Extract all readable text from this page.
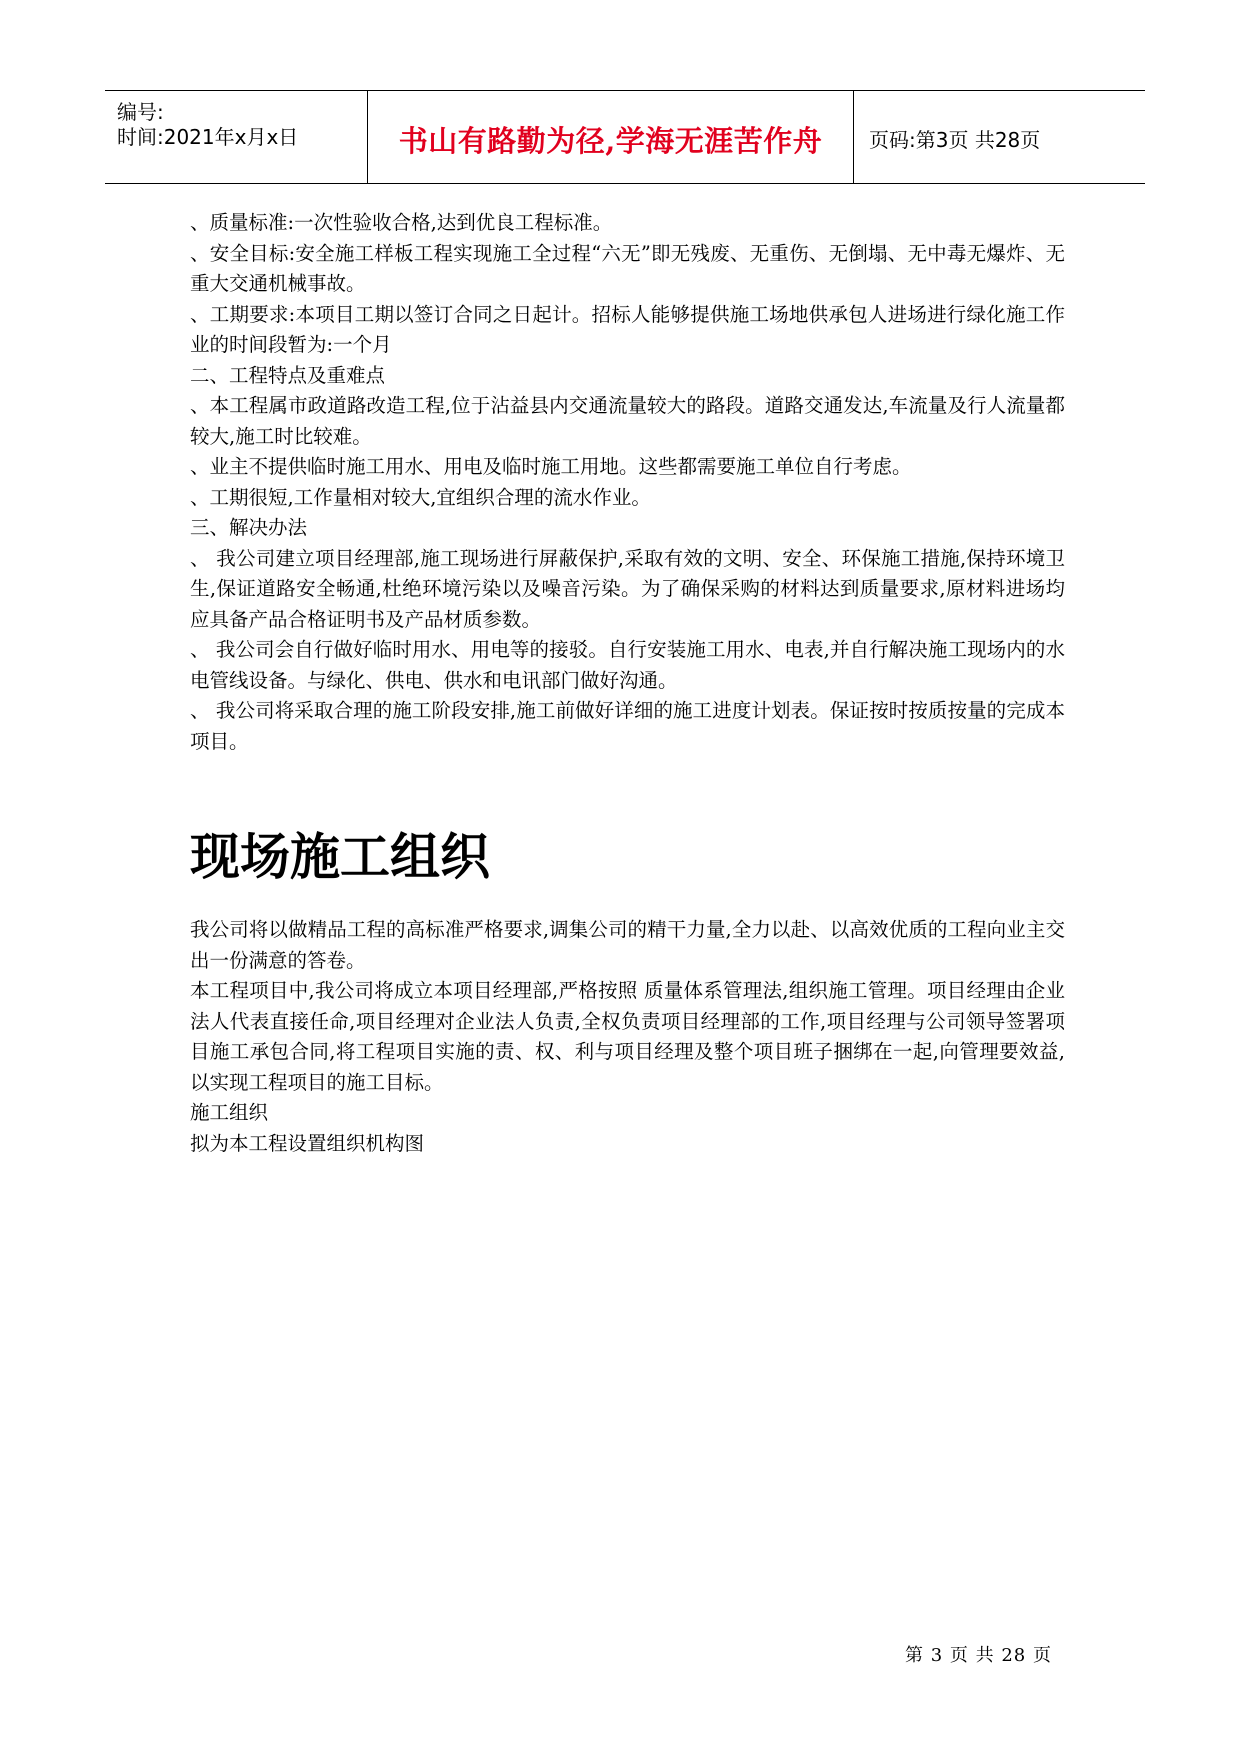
编号:
时间:2021年x月x日	书山有路勤为径,学海无涯苦作舟	页码:第3页 共28页

、质量标准:一次性验收合格,达到优良工程标准。

、安全目标:安全施工样板工程实现施工全过程“六无”即无残废、无重伤、无倒塌、无中毒无爆炸、无重大交通机械事故。

、工期要求:本项目工期以签订合同之日起计。招标人能够提供施工场地供承包人进场进行绿化施工作业的时间段暂为:一个月

二、工程特点及重难点

、本工程属市政道路改造工程,位于沾益县内交通流量较大的路段。道路交通发达,车流量及行人流量都较大,施工时比较难。

、业主不提供临时施工用水、用电及临时施工用地。这些都需要施工单位自行考虑。

、工期很短,工作量相对较大,宜组织合理的流水作业。

三、解决办法

、 我公司建立项目经理部,施工现场进行屏蔽保护,采取有效的文明、安全、环保施工措施,保持环境卫生,保证道路安全畅通,杜绝环境污染以及噪音污染。为了确保采购的材料达到质量要求,原材料进场均应具备产品合格证明书及产品材质参数。

、 我公司会自行做好临时用水、用电等的接驳。自行安装施工用水、电表,并自行解决施工现场内的水电管线设备。与绿化、供电、供水和电讯部门做好沟通。

、 我公司将采取合理的施工阶段安排,施工前做好详细的施工进度计划表。保证按时按质按量的完成本项目。

现场施工组织

我公司将以做精品工程的高标准严格要求,调集公司的精干力量,全力以赴、以高效优质的工程向业主交出一份满意的答卷。

本工程项目中,我公司将成立本项目经理部,严格按照 质量体系管理法,组织施工管理。项目经理由企业法人代表直接任命,项目经理对企业法人负责,全权负责项目经理部的工作,项目经理与公司领导签署项目施工承包合同,将工程项目实施的责、权、利与项目经理及整个项目班子捆绑在一起,向管理要效益,以实现工程项目的施工目标。

施工组织

拟为本工程设置组织机构图

第 3 页 共 28 页
